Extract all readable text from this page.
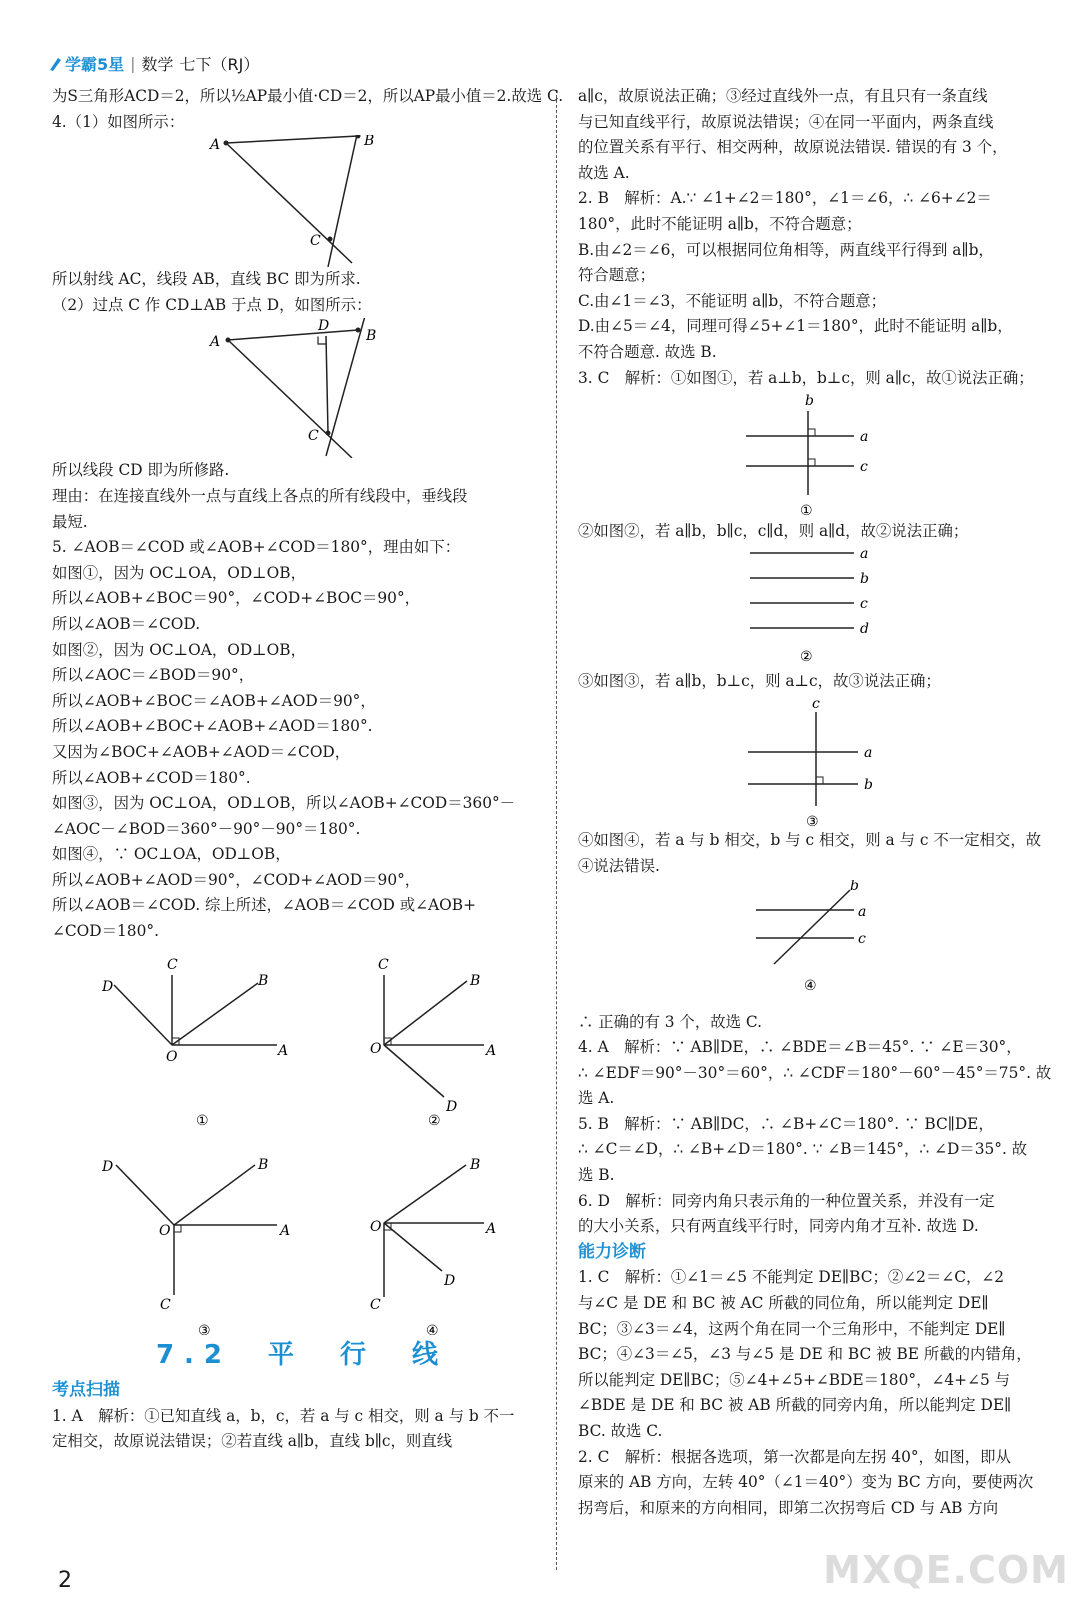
学霸5星 | 数学 七下（RJ）

为S三角形ACD＝2，所以½AP最小值·CD＝2，所以AP最小值＝2.故选 C.

4.（1）如图所示：

A	B
C

所以射线 AC，线段 AB，直线 BC 即为所求.

（2）过点 C 作 CD⊥AB 于点 D，如图所示：

A
D
B
C

所以线段 CD 即为所修路.

理由：在连接直线外一点与直线上各点的所有线段中，垂线段

最短.

5. ∠AOB＝∠COD 或∠AOB+∠COD＝180°，理由如下：

如图①，因为 OC⊥OA，OD⊥OB，

所以∠AOB+∠BOC＝90°，∠COD+∠BOC＝90°，

所以∠AOB＝∠COD.

如图②，因为 OC⊥OA，OD⊥OB，

所以∠AOC＝∠BOD＝90°，

所以∠AOB+∠BOC＝∠AOB+∠AOD＝90°，

所以∠AOB+∠BOC+∠AOB+∠AOD＝180°.

又因为∠BOC+∠AOB+∠AOD＝∠COD，

所以∠AOB+∠COD＝180°.

如图③，因为 OC⊥OA，OD⊥OB，所以∠AOB+∠COD＝360°－

∠AOC－∠BOD＝360°－90°－90°＝180°.

如图④，∵ OC⊥OA，OD⊥OB，

所以∠AOB+∠AOD＝90°，∠COD+∠AOD＝90°，

所以∠AOB＝∠COD. 综上所述，∠AOB＝∠COD 或∠AOB+

∠COD＝180°.

C
B
D
A
O
①
C
B
A
O
D
②
B
D
A
O
C
③
B
A
O
D
C
④
7.2　平　行　线

考点扫描

1. A　解析：①已知直线 a，b，c，若 a 与 c 相交，则 a 与 b 不一

定相交，故原说法错误；②若直线 a∥b，直线 b∥c，则直线

a∥c，故原说法正确；③经过直线外一点，有且只有一条直线

与已知直线平行，故原说法错误；④在同一平面内，两条直线

的位置关系有平行、相交两种，故原说法错误. 错误的有 3 个，

故选 A.

2. B　解析：A.∵ ∠1+∠2＝180°，∠1＝∠6，∴ ∠6+∠2＝

180°，此时不能证明 a∥b，不符合题意；

B.由∠2＝∠6，可以根据同位角相等，两直线平行得到 a∥b，

符合题意；

C.由∠1＝∠3，不能证明 a∥b，不符合题意；

D.由∠5＝∠4，同理可得∠5+∠1＝180°，此时不能证明 a∥b，

不符合题意. 故选 B.

3. C　解析：①如图①，若 a⊥b，b⊥c，则 a∥c，故①说法正确；

b
a
c
①

②如图②，若 a∥b，b∥c，c∥d，则 a∥d，故②说法正确；

a
b
c
d
②

③如图③，若 a∥b，b⊥c，则 a⊥c，故③说法正确；

c
a
b
③

④如图④，若 a 与 b 相交，b 与 c 相交，则 a 与 c 不一定相交，故

④说法错误.

b
a
c
④

∴ 正确的有 3 个，故选 C.

4. A　解析：∵ AB∥DE，∴ ∠BDE＝∠B＝45°. ∵ ∠E＝30°，

∴ ∠EDF＝90°－30°＝60°，∴ ∠CDF＝180°－60°－45°＝75°. 故

选 A.

5. B　解析：∵ AB∥DC，∴ ∠B+∠C＝180°. ∵ BC∥DE，

∴ ∠C＝∠D，∴ ∠B+∠D＝180°. ∵ ∠B＝145°，∴ ∠D＝35°. 故

选 B.

6. D　解析：同旁内角只表示角的一种位置关系，并没有一定

的大小关系，只有两直线平行时，同旁内角才互补. 故选 D.

能力诊断

1. C　解析：①∠1＝∠5 不能判定 DE∥BC；②∠2＝∠C，∠2

与∠C 是 DE 和 BC 被 AC 所截的同位角，所以能判定 DE∥

BC；③∠3＝∠4，这两个角在同一个三角形中，不能判定 DE∥

BC；④∠3＝∠5，∠3 与∠5 是 DE 和 BC 被 BE 所截的内错角，

所以能判定 DE∥BC；⑤∠4+∠5+∠BDE＝180°，∠4+∠5 与

∠BDE 是 DE 和 BC 被 AB 所截的同旁内角，所以能判定 DE∥

BC. 故选 C.

2. C　解析：根据各选项，第一次都是向左拐 40°，如图，即从

原来的 AB 方向，左转 40°（∠1＝40°）变为 BC 方向，要使两次

拐弯后，和原来的方向相同，即第二次拐弯后 CD 与 AB 方向

2	MXQE.COM
